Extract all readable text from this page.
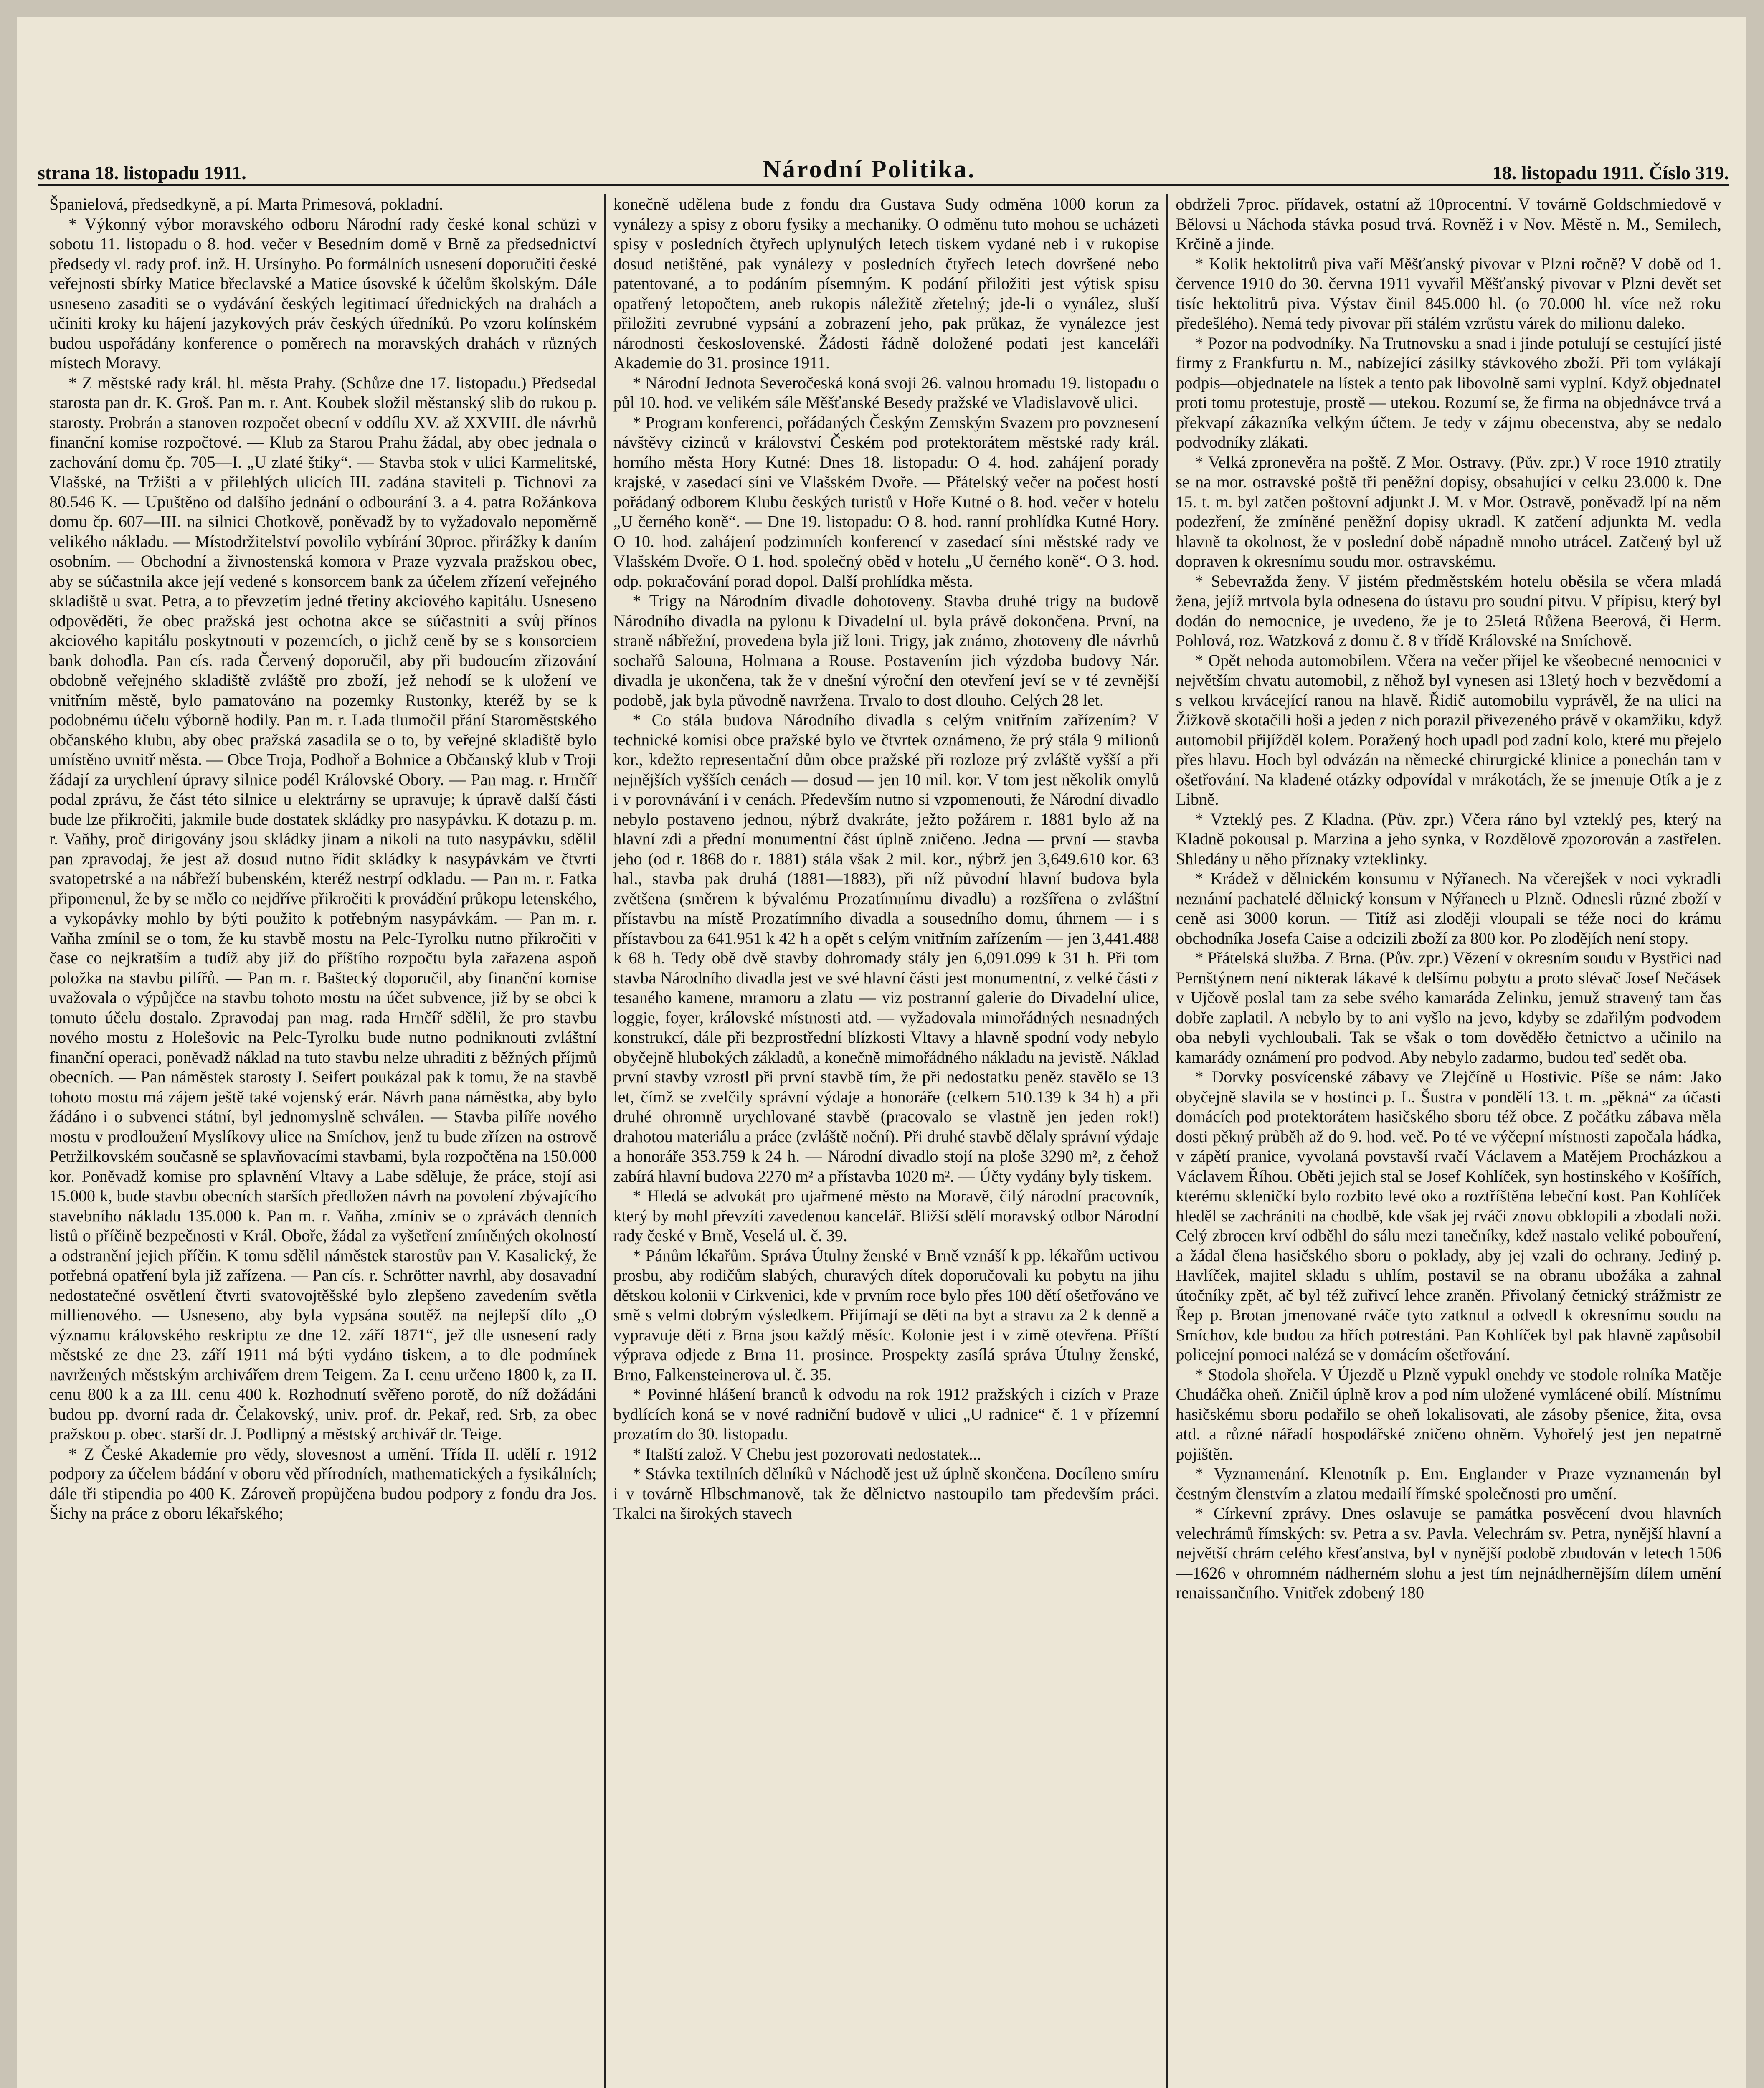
strana 18. listopadu 1911.	Národní Politika.	18. listopadu 1911. Číslo 319.

Španielová, předsedkyně, a pí. Marta Primesová, pokladní.

* Výkonný výbor moravského odboru Národní rady české konal schůzi v sobotu 11. listopadu o 8. hod. večer v Besedním domě v Brně za předsednictví předsedy vl. rady prof. inž. H. Ursínyho. Po formálních usnesení doporučiti české veřejnosti sbírky Matice břeclavské a Matice úsovské k účelům školským. Dále usneseno zasaditi se o vydávání českých legitimací úřednických na drahách a učiniti kroky ku hájení jazykových práv českých úředníků. Po vzoru kolínském budou uspořádány konference o poměrech na moravských drahách v různých místech Moravy.

* Z městské rady král. hl. města Prahy. (Schůze dne 17. listopadu.) Předsedal starosta pan dr. K. Groš. Pan m. r. Ant. Koubek složil městanský slib do rukou p. starosty. Probrán a stanoven rozpočet obecní v oddílu XV. až XXVIII. dle návrhů finanční komise rozpočtové. — Klub za Starou Prahu žádal, aby obec jednala o zachování domu čp. 705—I. „U zlaté štiky“. — Stavba stok v ulici Karmelitské, Vlašské, na Tržišti a v přilehlých ulicích III. zadána staviteli p. Tichnovi za 80.546 K. — Upuštěno od dalšího jednání o odbourání 3. a 4. patra Rožánkova domu čp. 607—III. na silnici Chotkově, poněvadž by to vyžadovalo nepoměrně velikého nákladu. — Místodržitelství povolilo vybírání 30proc. přirážky k daním osobním. — Obchodní a živnostenská komora v Praze vyzvala pražskou obec, aby se súčastnila akce její vedené s konsorcem bank za účelem zřízení veřejného skladiště u svat. Petra, a to převzetím jedné třetiny akciového kapitálu. Usneseno odpověděti, že obec pražská jest ochotna akce se súčastniti a svůj přínos akciového kapitálu poskytnouti v pozemcích, o jichž ceně by se s konsorciem bank dohodla. Pan cís. rada Červený doporučil, aby při budoucím zřizování obdobně veřejného skladiště zvláště pro zboží, jež nehodí se k uložení ve vnitřním městě, bylo pamatováno na pozemky Rustonky, kteréž by se k podobnému účelu výborně hodily. Pan m. r. Lada tlumočil přání Staroměstského občanského klubu, aby obec pražská zasadila se o to, by veřejné skladiště bylo umístěno uvnitř města. — Obce Troja, Podhoř a Bohnice a Občanský klub v Troji žádají za urychlení úpravy silnice podél Královské Obory. — Pan mag. r. Hrnčíř podal zprávu, že část této silnice u elektrárny se upravuje; k úpravě další části bude lze přikročiti, jakmile bude dostatek skládky pro nasypávku. K dotazu p. m. r. Vaňhy, proč dirigovány jsou skládky jinam a nikoli na tuto nasypávku, sdělil pan zpravodaj, že jest až dosud nutno řídit skládky k nasypávkám ve čtvrti svatopetrské a na nábřeží bubenském, kteréž nestrpí odkladu. — Pan m. r. Fatka připomenul, že by se mělo co nejdříve přikročiti k provádění průkopu letenského, a vykopávky mohlo by býti použito k potřebným nasypávkám. — Pan m. r. Vaňha zmínil se o tom, že ku stavbě mostu na Pelc-Tyrolku nutno přikročiti v čase co nejkratším a tudíž aby již do příštího rozpočtu byla zařazena aspoň položka na stavbu pilířů. — Pan m. r. Baštecký doporučil, aby finanční komise uvažovala o výpůjčce na stavbu tohoto mostu na účet subvence, již by se obci k tomuto účelu dostalo. Zpravodaj pan mag. rada Hrnčíř sdělil, že pro stavbu nového mostu z Holešovic na Pelc-Tyrolku bude nutno podniknouti zvláštní finanční operaci, poněvadž náklad na tuto stavbu nelze uhraditi z běžných příjmů obecních. — Pan náměstek starosty J. Seifert poukázal pak k tomu, že na stavbě tohoto mostu má zájem ještě také vojenský erár. Návrh pana náměstka, aby bylo žádáno i o subvenci státní, byl jednomyslně schválen. — Stavba pilíře nového mostu v prodloužení Myslíkovy ulice na Smíchov, jenž tu bude zřízen na ostrově Petržilkovském současně se splavňovacími stavbami, byla rozpočtěna na 150.000 kor. Poněvadž komise pro splavnění Vltavy a Labe sděluje, že práce, stojí asi 15.000 k, bude stavbu obecních starších předložen návrh na povolení zbývajícího stavebního nákladu 135.000 k. Pan m. r. Vaňha, zmíniv se o zprávách denních listů o příčině bezpečnosti v Král. Oboře, žádal za vyšetření zmíněných okolností a odstranění jejich příčin. K tomu sdělil náměstek starostův pan V. Kasalický, že potřebná opatření byla již zařízena. — Pan cís. r. Schrötter navrhl, aby dosavadní nedostatečné osvětlení čtvrti svatovojtěšské bylo zlepšeno zavedením světla millienového. — Usneseno, aby byla vypsána soutěž na nejlepší dílo „O významu královského reskriptu ze dne 12. září 1871“, jež dle usnesení rady městské ze dne 23. září 1911 má býti vydáno tiskem, a to dle podmínek navržených městským archivářem drem Teigem. Za I. cenu určeno 1800 k, za II. cenu 800 k a za III. cenu 400 k. Rozhodnutí svěřeno porotě, do níž dožádáni budou pp. dvorní rada dr. Čelakovský, univ. prof. dr. Pekař, red. Srb, za obec pražskou p. obec. starší dr. J. Podlipný a městský archivář dr. Teige.

* Z České Akademie pro vědy, slovesnost a umění. Třída II. udělí r. 1912 podpory za účelem bádání v oboru věd přírodních, mathematických a fysikálních; dále tři stipendia po 400 K. Zároveň propůjčena budou podpory z fondu dra Jos. Šichy na práce z oboru lékařského;

konečně udělena bude z fondu dra Gustava Sudy odměna 1000 korun za vynálezy a spisy z oboru fysiky a mechaniky. O odměnu tuto mohou se ucházeti spisy v posledních čtyřech uplynulých letech tiskem vydané neb i v rukopise dosud netištěné, pak vynálezy v posledních čtyřech letech dovršené nebo patentované, a to podáním písemným. K podání přiložiti jest výtisk spisu opatřený letopočtem, aneb rukopis náležitě zřetelný; jde-li o vynález, sluší přiložiti zevrubné vypsání a zobrazení jeho, pak průkaz, že vynálezce jest národnosti československé. Žádosti řádně doložené podati jest kanceláři Akademie do 31. prosince 1911.

* Národní Jednota Severočeská koná svoji 26. valnou hromadu 19. listopadu o půl 10. hod. ve velikém sále Měšťanské Besedy pražské ve Vladislavově ulici.

* Program konferenci, pořádaných Českým Zemským Svazem pro povznesení návštěvy cizinců v království Českém pod protektorátem městské rady král. horního města Hory Kutné: Dnes 18. listopadu: O 4. hod. zahájení porady krajské, v zasedací síni ve Vlašském Dvoře. — Přátelský večer na počest hostí pořádaný odborem Klubu českých turistů v Hoře Kutné o 8. hod. večer v hotelu „U černého koně“. — Dne 19. listopadu: O 8. hod. ranní prohlídka Kutné Hory. O 10. hod. zahájení podzimních konferencí v zasedací síni městské rady ve Vlašském Dvoře. O 1. hod. společný oběd v hotelu „U černého koně“. O 3. hod. odp. pokračování porad dopol. Další prohlídka města.

* Trigy na Národním divadle dohotoveny. Stavba druhé trigy na budově Národního divadla na pylonu k Divadelní ul. byla právě dokončena. První, na straně nábřežní, provedena byla již loni. Trigy, jak známo, zhotoveny dle návrhů sochařů Salouna, Holmana a Rouse. Postavením jich výzdoba budovy Nár. divadla je ukončena, tak že v dnešní výroční den otevření jeví se v té zevnější podobě, jak byla původně navržena. Trvalo to dost dlouho. Celých 28 let.

* Co stála budova Národního divadla s celým vnitřním zařízením? V technické komisi obce pražské bylo ve čtvrtek oznámeno, že prý stála 9 milionů kor., kdežto representační dům obce pražské při rozloze prý zvláště vyšší a při nejnějších vyšších cenách — dosud — jen 10 mil. kor. V tom jest několik omylů i v porovnávání i v cenách. Především nutno si vzpomenouti, že Národní divadlo nebylo postaveno jednou, nýbrž dvakráte, ježto požárem r. 1881 bylo až na hlavní zdi a přední monumentní část úplně zničeno. Jedna — první — stavba jeho (od r. 1868 do r. 1881) stála však 2 mil. kor., nýbrž jen 3,649.610 kor. 63 hal., stavba pak druhá (1881—1883), při níž původní hlavní budova byla zvětšena (směrem k bývalému Prozatímnímu divadlu) a rozšířena o zvláštní přístavbu na místě Prozatímního divadla a sousedního domu, úhrnem — i s přístavbou za 641.951 k 42 h a opět s celým vnitřním zařízením — jen 3,441.488 k 68 h. Tedy obě dvě stavby dohromady stály jen 6,091.099 k 31 h. Při tom stavba Národního divadla jest ve své hlavní části jest monumentní, z velké části z tesaného kamene, mramoru a zlatu — viz postranní galerie do Divadelní ulice, loggie, foyer, královské místnosti atd. — vyžadovala mimořádných nesnadných konstrukcí, dále při bezprostřední blízkosti Vltavy a hlavně spodní vody nebylo obyčejně hlubokých základů, a konečně mimořádného nákladu na jevistě. Náklad první stavby vzrostl při první stavbě tím, že při nedostatku peněz stavělo se 13 let, čímž se zvelčily správní výdaje a honoráře (celkem 510.139 k 34 h) a při druhé ohromně urychlované stavbě (pracovalo se vlastně jen jeden rok!) drahotou materiálu a práce (zvláště noční). Při druhé stavbě dělaly správní výdaje a honoráře 353.759 k 24 h. — Národní divadlo stojí na ploše 3290 m², z čehož zabírá hlavní budova 2270 m² a přístavba 1020 m². — Účty vydány byly tiskem.

* Hledá se advokát pro ujařmené město na Moravě, čilý národní pracovník, který by mohl převzíti zavedenou kancelář. Bližší sdělí moravský odbor Národní rady české v Brně, Veselá ul. č. 39.

* Pánům lékařům. Správa Útulny ženské v Brně vznáší k pp. lékařům uctivou prosbu, aby rodičům slabých, churavých dítek doporučovali ku pobytu na jihu dětskou kolonii v Cirkvenici, kde v prvním roce bylo přes 100 dětí ošetřováno ve smě s velmi dobrým výsledkem. Přijímají se děti na byt a stravu za 2 k denně a vypravuje děti z Brna jsou každý měsíc. Kolonie jest i v zimě otevřena. Příští výprava odjede z Brna 11. prosince. Prospekty zasílá správa Útulny ženské, Brno, Falkensteinerova ul. č. 35.

* Povinné hlášení branců k odvodu na rok 1912 pražských i cizích v Praze bydlících koná se v nové radniční budově v ulici „U radnice“ č. 1 v přízemní prozatím do 30. listopadu.

* Italští založ. V Chebu jest pozorovati nedostatek...

* Stávka textilních dělníků v Náchodě jest už úplně skončena. Docíleno smíru i v továrně Hlbschmanově, tak že dělnictvo nastoupilo tam především práci. Tkalci na širokých stavech

obdrželi 7proc. přídavek, ostatní až 10procentní. V továrně Goldschmiedově v Bělovsi u Náchoda stávka posud trvá. Rovněž i v Nov. Městě n. M., Semilech, Krčině a jinde.

* Kolik hektolitrů piva vaří Měšťanský pivovar v Plzni ročně? V době od 1. července 1910 do 30. června 1911 vyvařil Měšťanský pivovar v Plzni devět set tisíc hektolitrů piva. Výstav činil 845.000 hl. (o 70.000 hl. více než roku předešlého). Nemá tedy pivovar při stálém vzrůstu várek do milionu daleko.

* Pozor na podvodníky. Na Trutnovsku a snad i jinde potulují se cestující jisté firmy z Frankfurtu n. M., nabízející zásilky stávkového zboží. Při tom vylákají podpis—objednatele na lístek a tento pak libovolně sami vyplní. Když objednatel proti tomu protestuje, prostě — utekou. Rozumí se, že firma na objednávce trvá a překvapí zákazníka velkým účtem. Je tedy v zájmu obecenstva, aby se nedalo podvodníky zlákati.

* Velká zpronevěra na poště. Z Mor. Ostravy. (Pův. zpr.) V roce 1910 ztratily se na mor. ostravské poště tři peněžní dopisy, obsahující v celku 23.000 k. Dne 15. t. m. byl zatčen poštovní adjunkt J. M. v Mor. Ostravě, poněvadž lpí na něm podezření, že zmíněné peněžní dopisy ukradl. K zatčení adjunkta M. vedla hlavně ta okolnost, že v poslední době nápadně mnoho utrácel. Zatčený byl už dopraven k okresnímu soudu mor. ostravskému.

* Sebevražda ženy. V jistém předměstském hotelu oběsila se včera mladá žena, jejíž mrtvola byla odnesena do ústavu pro soudní pitvu. V přípisu, který byl dodán do nemocnice, je uvedeno, že je to 25letá Růžena Beerová, či Herm. Pohlová, roz. Watzková z domu č. 8 v třídě Královské na Smíchově.

* Opět nehoda automobilem. Včera na večer přijel ke všeobecné nemocnici v největším chvatu automobil, z něhož byl vynesen asi 13letý hoch v bezvědomí a s velkou krvácející ranou na hlavě. Řidič automobilu vyprávěl, že na ulici na Žižkově skotačili hoši a jeden z nich porazil přivezeného právě v okamžiku, když automobil přijížděl kolem. Poražený hoch upadl pod zadní kolo, které mu přejelo přes hlavu. Hoch byl odvázán na německé chirurgické klinice a ponechán tam v ošetřování. Na kladené otázky odpovídal v mrákotách, že se jmenuje Otík a je z Libně.

* Vzteklý pes. Z Kladna. (Pův. zpr.) Včera ráno byl vzteklý pes, který na Kladně pokousal p. Marzina a jeho synka, v Rozdělově zpozorován a zastřelen. Shledány u něho příznaky vzteklinky.

* Krádež v dělnickém konsumu v Nýřanech. Na včerejšek v noci vykradli neznámí pachatelé dělnický konsum v Nýřanech u Plzně. Odnesli různé zboží v ceně asi 3000 korun. — Titíž asi zloději vloupali se téže noci do krámu obchodníka Josefa Caise a odcizili zboží za 800 kor. Po zlodějích není stopy.

* Přátelská služba. Z Brna. (Pův. zpr.) Vězení v okresním soudu v Bystřici nad Pernštýnem není nikterak lákavé k delšímu pobytu a proto slévač Josef Nečásek v Ujčově poslal tam za sebe svého kamaráda Zelinku, jemuž stravený tam čas dobře zaplatil. A nebylo by to ani vyšlo na jevo, kdyby se zdařilým podvodem oba nebyli vychloubali. Tak se však o tom dověděło četnictvo a učinilo na kamarády oznámení pro podvod. Aby nebylo zadarmo, budou teď sedět oba.

* Dorvky posvícenské zábavy ve Zlejčíně u Hostivic. Píše se nám: Jako obyčejně slavila se v hostinci p. L. Šustra v pondělí 13. t. m. „pěkná“ za účasti domácích pod protektorátem hasičského sboru též obce. Z počátku zábava měla dosti pěkný průběh až do 9. hod. več. Po té ve výčepní místnosti započala hádka, v zápětí pranice, vyvolaná povstavší rvačí Václavem a Matějem Procházkou a Václavem Říhou. Oběti jejich stal se Josef Kohlíček, syn hostinského v Košířích, kterému skleničkí bylo rozbito levé oko a roztříštěna lebeční kost. Pan Kohlíček hleděl se zachrániti na chodbě, kde však jej rváči znovu obklopili a zbodali noži. Celý zbrocen krví odběhl do sálu mezi tanečníky, kdež nastalo veliké pobouření, a žádal člena hasičského sboru o poklady, aby jej vzali do ochrany. Jediný p. Havlíček, majitel skladu s uhlím, postavil se na obranu ubožáka a zahnal útočníky zpět, ač byl též zuřivcí lehce zraněn. Přivolaný četnický strážmistr ze Řep p. Brotan jmenované rváče tyto zatknul a odvedl k okresnímu soudu na Smíchov, kde budou za hřích potrestáni. Pan Kohlíček byl pak hlavně zapůsobil policejní pomoci nalézá se v domácím ošetřování.

* Stodola shořela. V Újezdě u Plzně vypukl onehdy ve stodole rolníka Matěje Chudáčka oheň. Zničil úplně krov a pod ním uložené vymlácené obilí. Místnímu hasičskému sboru podařilo se oheň lokalisovati, ale zásoby pšenice, žita, ovsa atd. a různé nářadí hospodářské zničeno ohněm. Vyhořelý jest jen nepatrně pojištěn.

* Vyznamenání. Klenotník p. Em. Englander v Praze vyznamenán byl čestným členstvím a zlatou medailí římské společnosti pro umění.

* Církevní zprávy. Dnes oslavuje se památka posvěcení dvou hlavních velechrámů římských: sv. Petra a sv. Pavla. Velechrám sv. Petra, nynější hlavní a největší chrám celého křesťanstva, byl v nynější podobě zbudován v letech 1506—1626 v ohromném nádherném slohu a jest tím nejnádhernějším dílem umění renaissančního. Vnitřek zdobený 180
